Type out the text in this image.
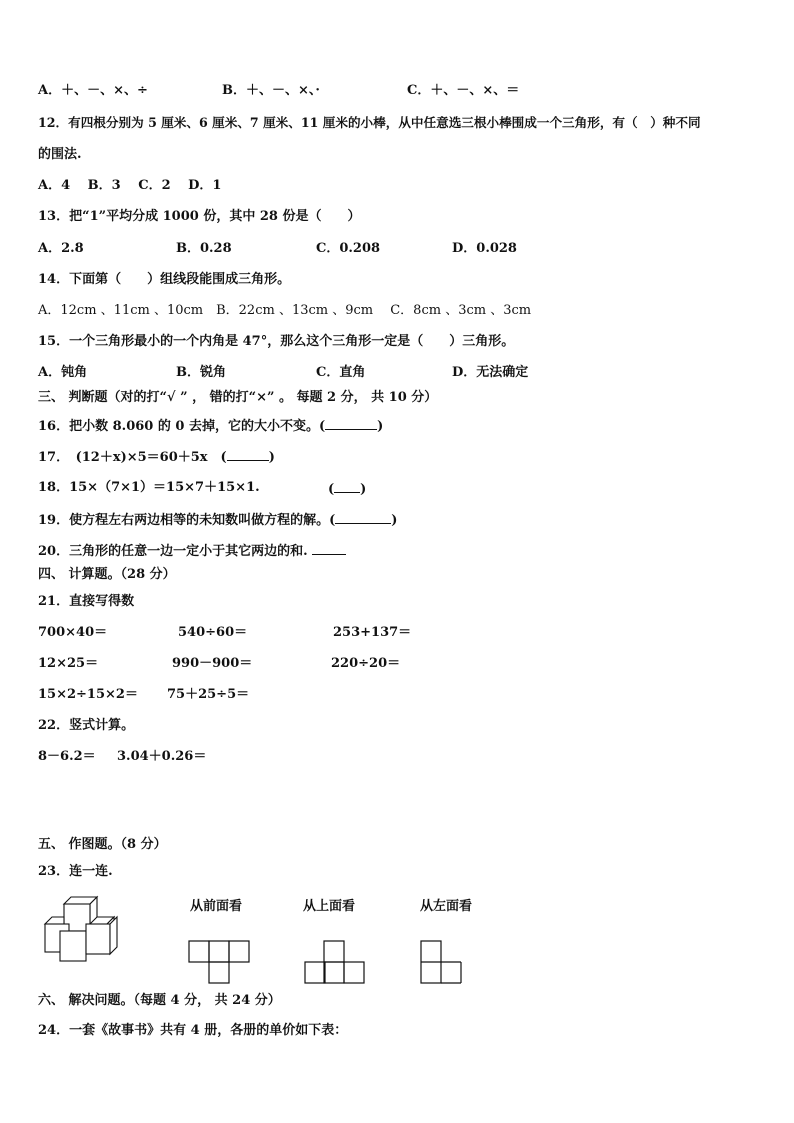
A．＋、－、×、÷	B．＋、－、×、·	C．＋、－、×、＝
12．有四根分别为 5 厘米、6 厘米、7 厘米、11 厘米的小棒，从中任意选三根小棒围成一个三角形，有（　）种不同
的围法.
A．4　 B．3　 C．2　 D．1
13．把“1”平均分成 1000 份，其中 28 份是（　　）
A．2.8	B．0.28	C．0.208	D．0.028
14．下面第（　　）组线段能围成三角形。
A．12cm 、11cm 、10cm　B．22cm 、13cm 、9cm　 C．8cm 、3cm 、3cm
15．一个三角形最小的一个内角是 47°，那么这个三角形一定是（　　）三角形。
A．钝角	B．锐角	C．直角	D．无法确定
三、 判断题（对的打“√ ” ， 错的打“×” 。 每题 2 分， 共 10 分）
16．把小数 8.060 的 0 去掉，它的大小不变。(	)
17．　(12＋x)×5＝60＋5x　(	)
18．15×（7×1）＝15×7＋15×1.	( )
19．使方程左右两边相等的未知数叫做方程的解。(	)
20．三角形的任意一边一定小于其它两边的和.
四、 计算题。（28 分）
21．直接写得数
700×40＝	540÷60＝	253+137＝
12×25＝	990－900＝	220÷20＝
15×2÷15×2＝ 75＋25÷5＝
22．竖式计算。
8－6.2＝ 3.04＋0.26＝
五、 作图题。（8 分）
23．连一连.
从前面看	从上面看	从左面看
六、 解决问题。（每题 4 分， 共 24 分）
24．一套《故事书》共有 4 册，各册的单价如下表：
